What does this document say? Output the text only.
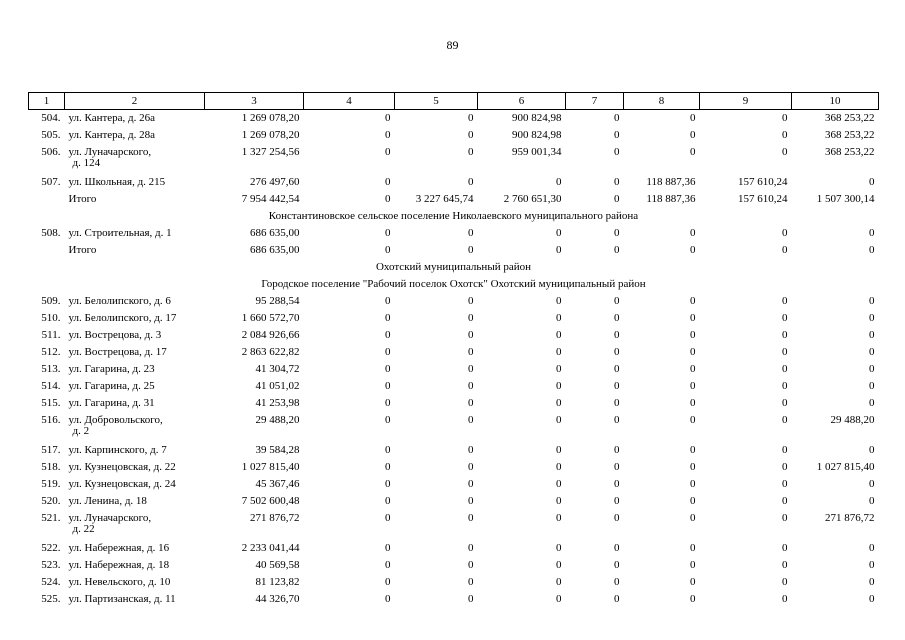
89
1	2	3	4	5	6	7	8	9	10
504.	ул. Кантера, д. 26а	1 269 078,20	0	0	900 824,98	0	0	0	368 253,22
505.	ул. Кантера, д. 28а	1 269 078,20	0	0	900 824,98	0	0	0	368 253,22
506.	ул. Луначарского,
д. 124	1 327 254,56	0	0	959 001,34	0	0	0	368 253,22
507.	ул. Школьная, д. 215	276 497,60	0	0	0	0	118 887,36	157 610,24	0
	Итого	7 954 442,54	0	3 227 645,74	2 760 651,30	0	118 887,36	157 610,24	1 507 300,14
Константиновское сельское поселение Николаевского муниципального района									
508.	ул. Строительная, д. 1	686 635,00	0	0	0	0	0	0	0
	Итого	686 635,00	0	0	0	0	0	0	0
Охотский муниципальный район									
Городское поселение "Рабочий поселок Охотск" Охотский муниципальный район									
509.	ул. Белолипского, д. 6	95 288,54	0	0	0	0	0	0	0
510.	ул. Белолипского, д. 17	1 660 572,70	0	0	0	0	0	0	0
511.	ул. Вострецова, д. 3	2 084 926,66	0	0	0	0	0	0	0
512.	ул. Вострецова, д. 17	2 863 622,82	0	0	0	0	0	0	0
513.	ул. Гагарина, д. 23	41 304,72	0	0	0	0	0	0	0
514.	ул. Гагарина, д. 25	41 051,02	0	0	0	0	0	0	0
515.	ул. Гагарина, д. 31	41 253,98	0	0	0	0	0	0	0
516.	ул. Добровольского,
д. 2	29 488,20	0	0	0	0	0	0	29 488,20
517.	ул. Карпинского, д. 7	39 584,28	0	0	0	0	0	0	0
518.	ул. Кузнецовская, д. 22	1 027 815,40	0	0	0	0	0	0	1 027 815,40
519.	ул. Кузнецовская, д. 24	45 367,46	0	0	0	0	0	0	0
520.	ул. Ленина, д. 18	7 502 600,48	0	0	0	0	0	0	0
521.	ул. Луначарского,
д. 22	271 876,72	0	0	0	0	0	0	271 876,72
522.	ул. Набережная, д. 16	2 233 041,44	0	0	0	0	0	0	0
523.	ул. Набережная, д. 18	40 569,58	0	0	0	0	0	0	0
524.	ул. Невельского, д. 10	81 123,82	0	0	0	0	0	0	0
525.	ул. Партизанская, д. 11	44 326,70	0	0	0	0	0	0	0
